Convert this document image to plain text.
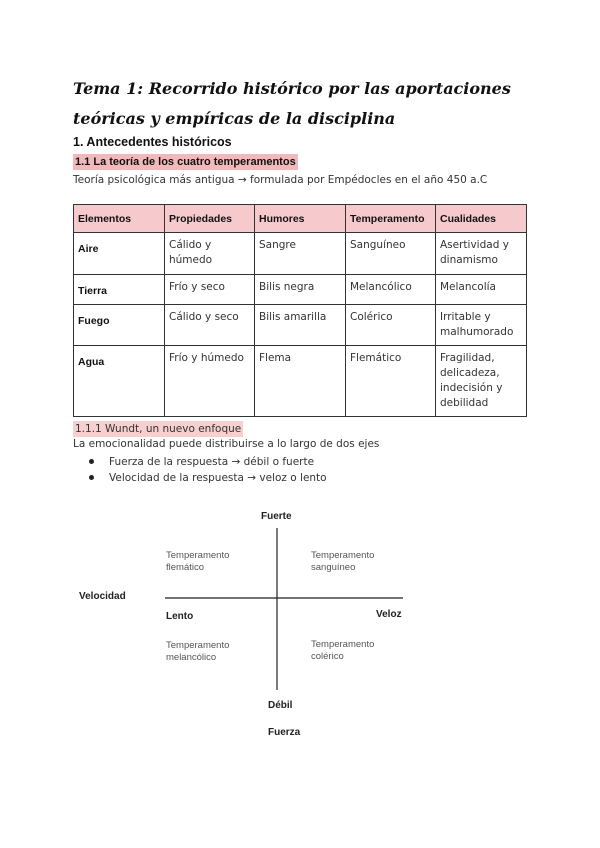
Tema 1: Recorrido histórico por las aportaciones teóricas y empíricas de la disciplina
1. Antecedentes históricos
1.1 La teoría de los cuatro temperamentos
Teoría psicológica más antigua → formulada por Empédocles en el año 450 a.C
Elementos	Propiedades	Humores	Temperamento	Cualidades
Aire	Cálido y húmedo	Sangre	Sanguíneo	Asertividad y dinamismo
Tierra	Frío y seco	Bilis negra	Melancólico	Melancolía
Fuego	Cálido y seco	Bilis amarilla	Colérico	Irritable y malhumorado
Agua	Frío y húmedo	Flema	Flemático	Fragilidad, delicadeza, indecisión y debilidad
1.1.1 Wundt, un nuevo enfoque
La emocionalidad puede distribuirse a lo largo de dos ejes
Fuerza de la respuesta → débil o fuerte
Velocidad de la respuesta → veloz o lento
Fuerte
Débil
Lento	Veloz
Velocidad
Fuerza
Temperamento flemático
Temperamento sanguíneo
Temperamento melancólico
Temperamento colérico
